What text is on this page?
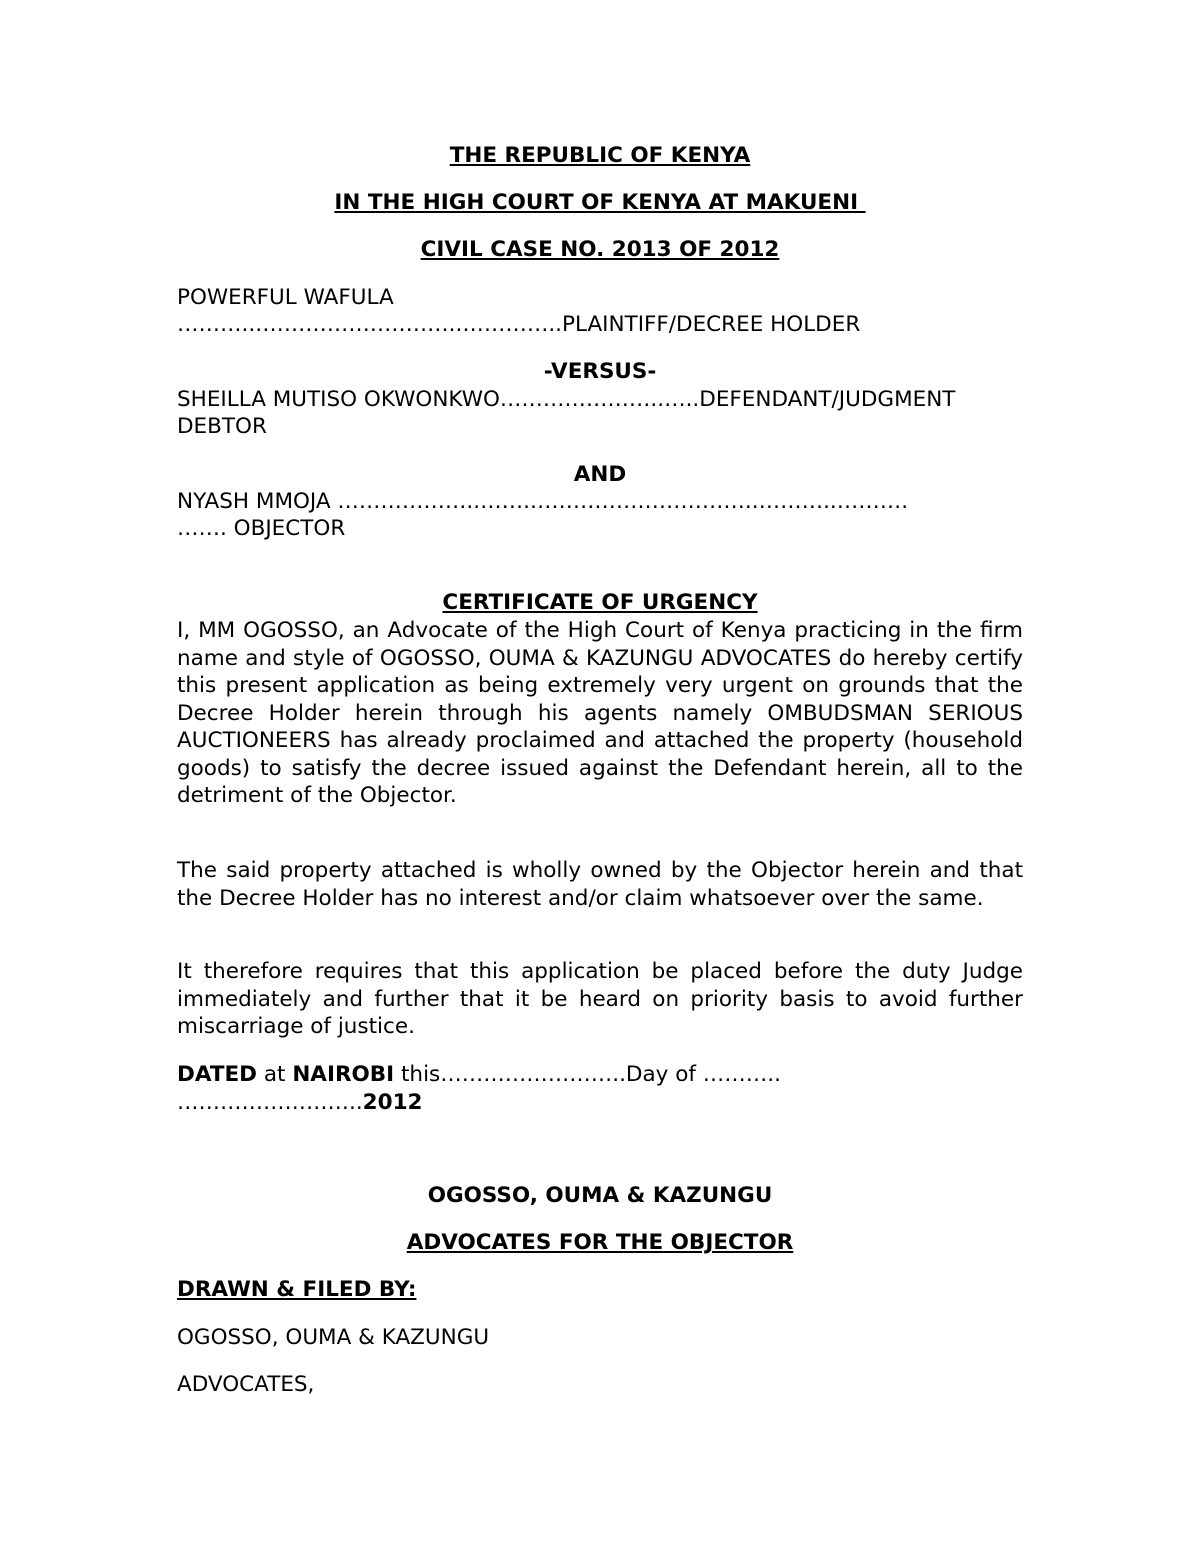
THE REPUBLIC OF KENYA
IN THE HIGH COURT OF KENYA AT MAKUENI
CIVIL CASE NO. 2013 OF 2012
POWERFUL WAFULA
………..………………………..…………..PLAINTIFF/DECREE HOLDER
-VERSUS-
SHEILLA MUTISO OKWONKWO…………………..…..DEFENDANT/JUDGMENT
DEBTOR
AND
NYASH MMOJA ………………..…….…………………………..………..……….
……. OBJECTOR
CERTIFICATE OF URGENCY
I, MM OGOSSO, an Advocate of the High Court of Kenya practicing in the firm name and style of OGOSSO, OUMA & KAZUNGU ADVOCATES do hereby certify this present application as being extremely very urgent on grounds that the Decree Holder herein through his agents namely OMBUDSMAN SERIOUS AUCTIONEERS has already proclaimed and attached the property (household goods) to satisfy the decree issued against the Defendant herein, all to the detriment of the Objector.
The said property attached is wholly owned by the Objector herein and that the Decree Holder has no interest and/or claim whatsoever over the same.
It therefore requires that this application be placed before the duty Judge immediately and further that it be heard on priority basis to avoid further miscarriage of justice.
DATED at NAIROBI this……………………..Day of ………..
……………………..2012
OGOSSO, OUMA & KAZUNGU
ADVOCATES FOR THE OBJECTOR
DRAWN & FILED BY:
OGOSSO, OUMA & KAZUNGU
ADVOCATES,
